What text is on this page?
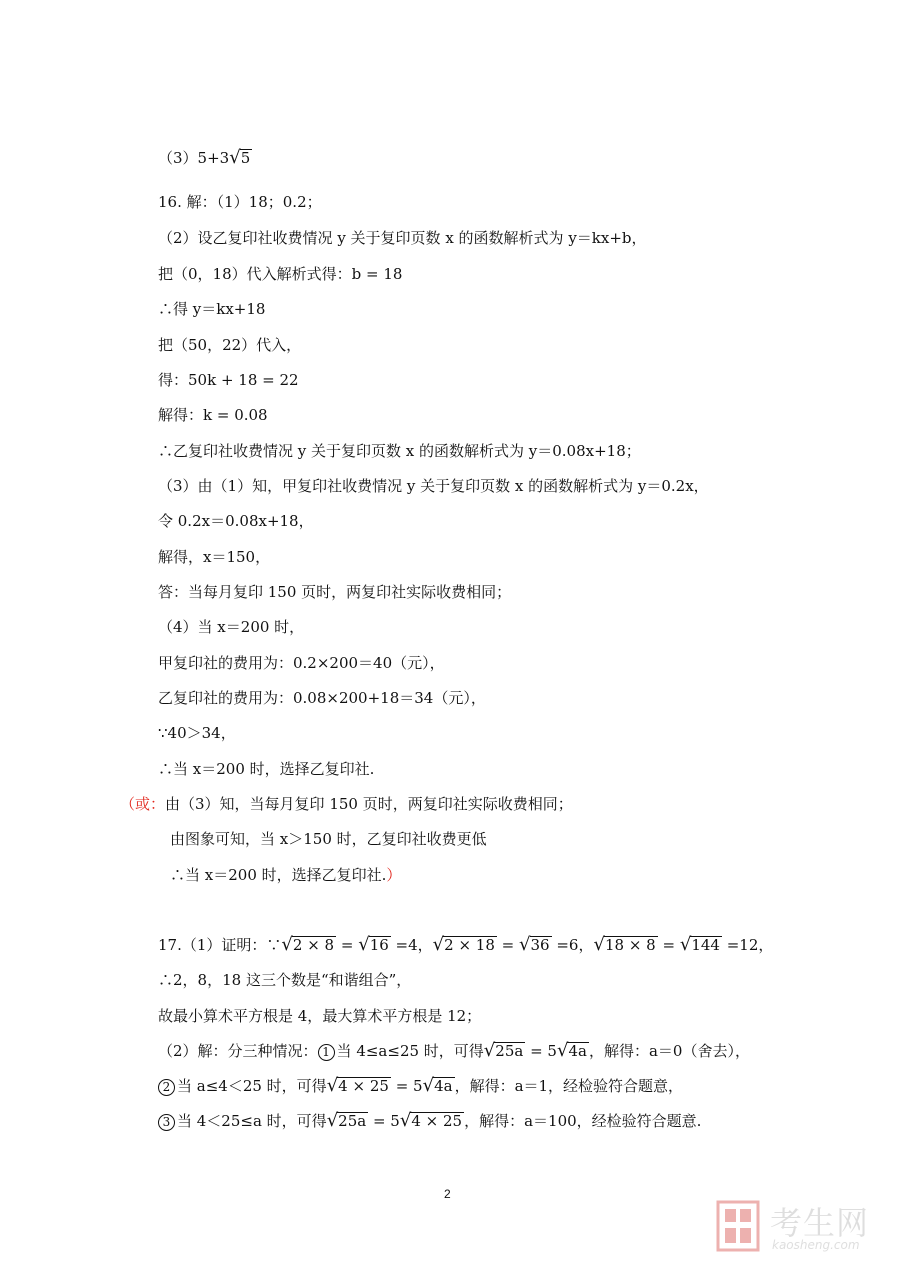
（3）5+3√5
16. 解：（1）18；0.2；
（2）设乙复印社收费情况 y 关于复印页数 x 的函数解析式为 y＝kx+b，
把（0，18）代入解析式得：b = 18
∴得 y＝kx+18
把（50，22）代入，
得：50k + 18 = 22
解得：k = 0.08
∴乙复印社收费情况 y 关于复印页数 x 的函数解析式为 y＝0.08x+18；
（3）由（1）知，甲复印社收费情况 y 关于复印页数 x 的函数解析式为 y＝0.2x，
令 0.2x＝0.08x+18，
解得，x＝150，
答：当每月复印 150 页时，两复印社实际收费相同；
（4）当 x＝200 时，
甲复印社的费用为：0.2×200＝40（元），
乙复印社的费用为：0.08×200+18＝34（元），
∵40＞34，
∴当 x＝200 时，选择乙复印社.
（或：由（3）知，当每月复印 150 页时，两复印社实际收费相同；
由图象可知，当 x＞150 时，乙复印社收费更低
∴当 x＝200 时，选择乙复印社.）
17.（1）证明：∵√2 × 8 = √16 =4，√2 × 18 = √36 =6，√18 × 8 = √144 =12，
∴2，8，18 这三个数是“和谐组合”，
故最小算术平方根是 4，最大算术平方根是 12；
（2）解：分三种情况： 1 当 4≤a≤25 时，可得√25a = 5√4a ，解得：a＝0（舍去），
2 当 a≤4＜25 时，可得√4 × 25 = 5√4a ，解得：a＝1，经检验符合题意，
3 当 4＜25≤a 时，可得√25a = 5√4 × 25 ，解得：a＝100，经检验符合题意.
2
考生网
kaosheng.com
